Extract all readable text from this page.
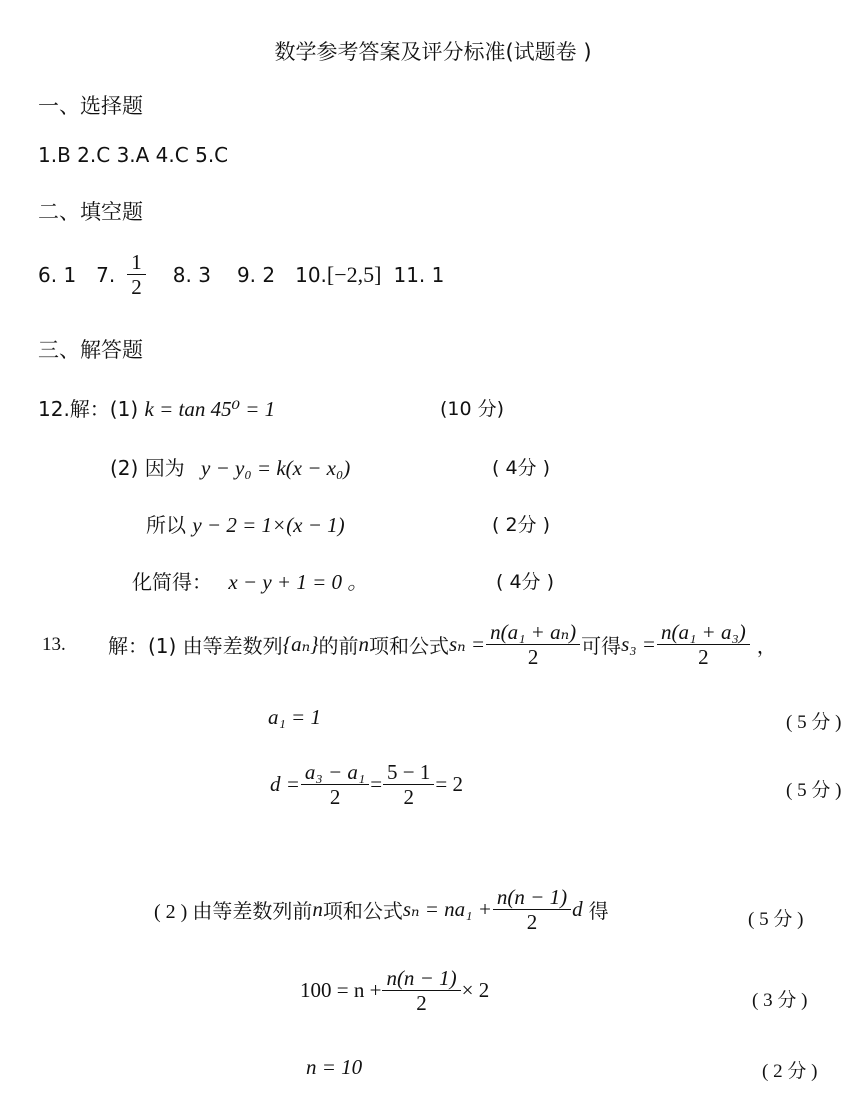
数学参考答案及评分标准(试题卷 )
一、选择题
1.B 2.C 3.A 4.C 5.C
二、填空题
6. 1 7. $\frac{1}{2} 8$. 3 9. 2 10. [−2,5] 11. 1
三、解答题
12.解：(1) k = tan 45⁰ = 1	(10 分)
(2) 因为 y − y₀ = k(x − x₀)	( 4分 )
所以 y − 2 = 1×(x − 1)	( 2分 )
化简得： x − y + 1 = 0 。	( 4分 )
13.	解：(1) 由等差数列 {aₙ} 的前 n 项和公式 $s_n = \frac{\text{n(a₁ + aₙ)}}{2}$ 可得 $s_3 = \frac{\text{n(a₁ + a₃)}}{2}$ ，
a₁ = 1	( 5 分 )
$d = \frac{\text{a₃ − a₁}}{2} = \frac{5 - 1}{2} = 2$	( 5 分 )
( 2 ) 由等差数列前 n 项和公式 $s_n = na_1 + \frac{n(n - 1)}{2}$ d 得	( 5 分 )
$100 = n + \frac{n(n - 1)}{2} \times 2$	( 3 分 )
n = 10	( 2 分 )
